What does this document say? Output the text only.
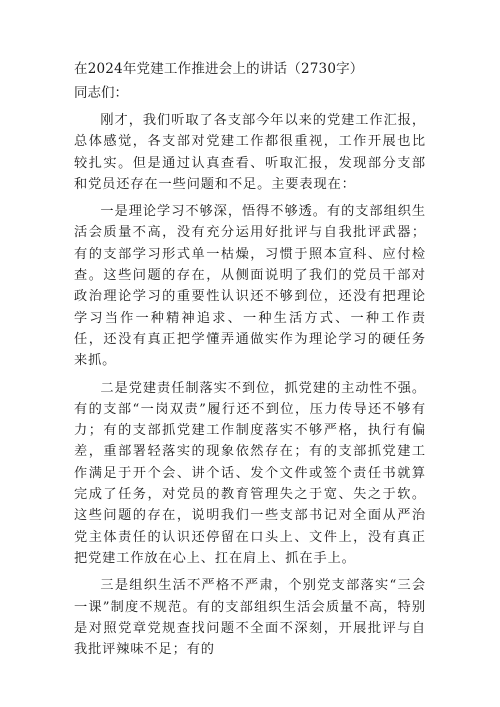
在2024年党建工作推进会上的讲话（2730字）
同志们：

刚才，我们听取了各支部今年以来的党建工作汇报，总体感觉，各支部对党建工作都很重视，工作开展也比较扎实。但是通过认真查看、听取汇报，发现部分支部和党员还存在一些问题和不足。主要表现在：

一是理论学习不够深，悟得不够透。有的支部组织生活会质量不高，没有充分运用好批评与自我批评武器；有的支部学习形式单一枯燥，习惯于照本宣科、应付检查。这些问题的存在，从侧面说明了我们的党员干部对政治理论学习的重要性认识还不够到位，还没有把理论学习当作一种精神追求、一种生活方式、一种工作责任，还没有真正把学懂弄通做实作为理论学习的硬任务来抓。

二是党建责任制落实不到位，抓党建的主动性不强。有的支部“一岗双责”履行还不到位，压力传导还不够有力；有的支部抓党建工作制度落实不够严格，执行有偏差，重部署轻落实的现象依然存在；有的支部抓党建工作满足于开个会、讲个话、发个文件或签个责任书就算完成了任务，对党员的教育管理失之于宽、失之于软。这些问题的存在，说明我们一些支部书记对全面从严治党主体责任的认识还停留在口头上、文件上，没有真正把党建工作放在心上、扛在肩上、抓在手上。

三是组织生活不严格不严肃，个别党支部落实“三会一课”制度不规范。有的支部组织生活会质量不高，特别是对照党章党规查找问题不全面不深刻，开展批评与自我批评辣味不足；有的
